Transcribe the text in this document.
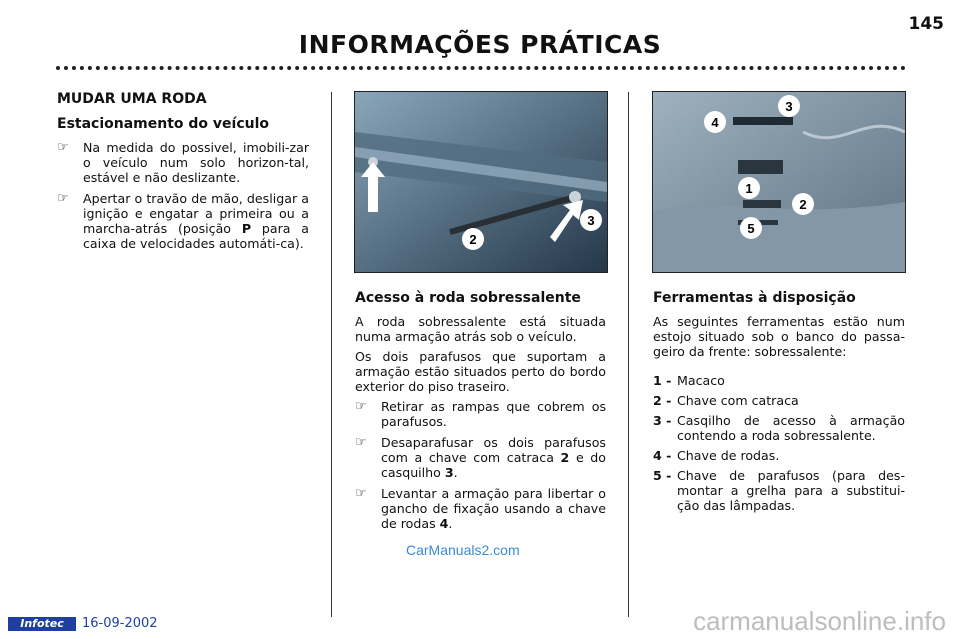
145
INFORMAÇÕES PRÁTICAS
MUDAR UMA RODA
Estacionamento do veículo
☞	Na medida do possivel, imobili-zar o veículo num solo horizon-tal, estável e não deslizante.
☞	Apertar o travão de mão, desligar a ignição e engatar a primeira ou a marcha-atrás (posição P para a caixa de velocidades automáti-ca).	2
3
Acesso à roda sobressalente

A roda sobressalente está situada numa armação atrás sob o veículo.

Os dois parafusos que suportam a armação estão situados perto do bordo exterior do piso traseiro.

☞	Retirar as rampas que cobrem os parafusos.
☞	Desaparafusar os dois parafusos com a chave com catraca 2 e do casquilho 3.
☞	Levantar a armação para libertar o gancho de fixação usando a chave de rodas 4.
4
3
1
2
5
Ferramentas à disposição

As seguintes ferramentas estão num estojo situado sob o banco do passa-geiro da frente: sobressalente:

1 - Macaco
2 - Chave com catraca
3 - Casqilho de acesso à armação contendo a roda sobressalente.
4 - Chave de rodas.
5 - Chave de parafusos (para des-montar a grelha para a substitui-ção das lâmpadas.
CarManuals2.com
Infotec	16-09-2002	carmanualsonline.info
